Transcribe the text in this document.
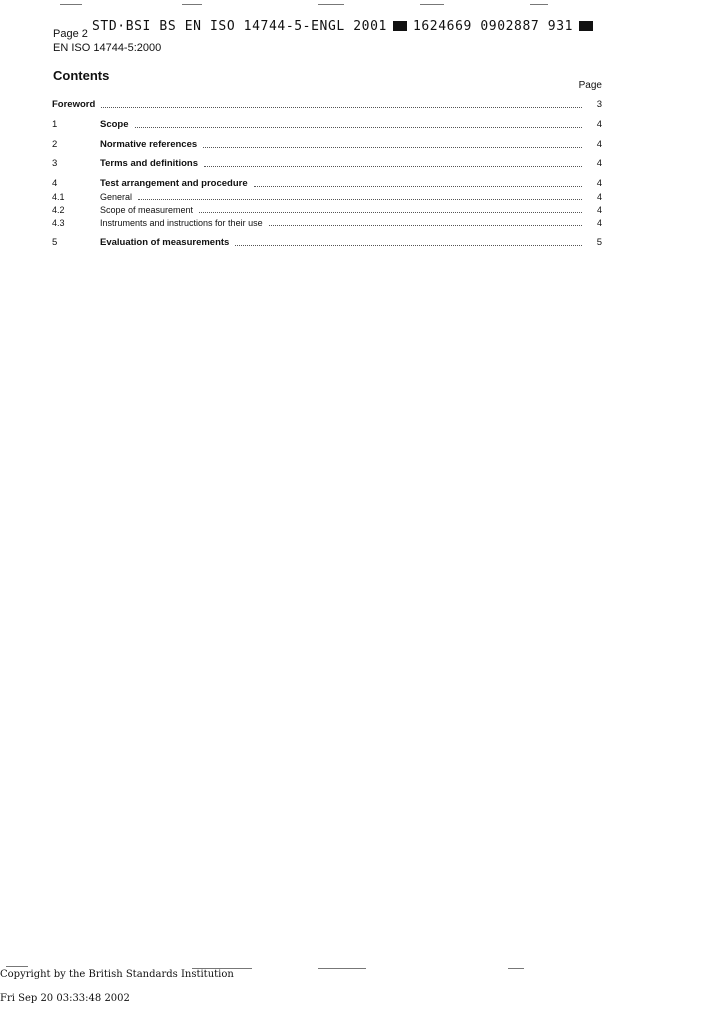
Page 2 STD·BSI BS EN ISO 14744-5-ENGL 2001 1624669 0902887 931
EN ISO 14744-5:2000
Contents
Page
Foreword	3
1	Scope	4
2	Normative references	4
3	Terms and definitions	4
4	Test arrangement and procedure	4
4.1	General	4
4.2	Scope of measurement	4
4.3	Instruments and instructions for their use	4
5	Evaluation of measurements	5
Copyright by the British Standards Institution
Fri Sep 20 03:33:48 2002
